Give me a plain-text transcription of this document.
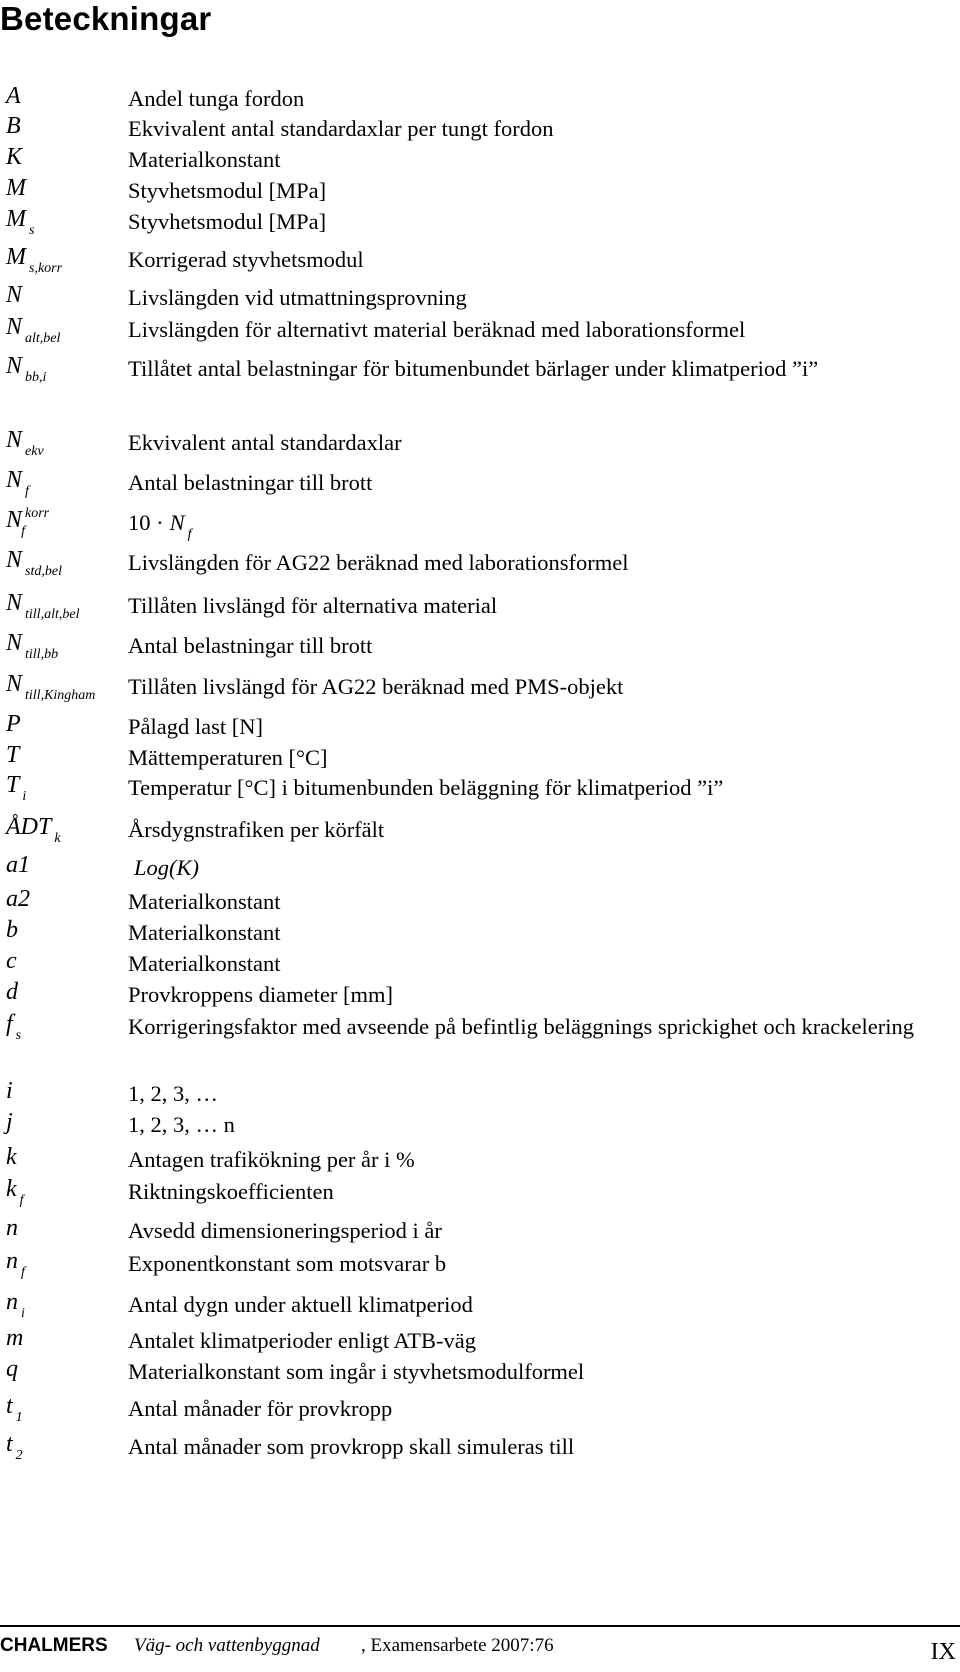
Beteckningar
A	Andel tunga fordon
B	Ekvivalent antal standardaxlar per tungt fordon
K	Materialkonstant
M	Styvhetsmodul [MPa]
M $_s$	Styvhetsmodul [MPa]
M $_{s,korr}$	Korrigerad styvhetsmodul
N	Livslängden vid utmattningsprovning
N $_{alt,bel}$	Livslängden för alternativt material beräknad med laborationsformel
N $_{bb,i}$	Tillåtet antal belastningar för bitumenbundet bärlager under klimatperiod ”i”
N $_{ekv}$	Ekvivalent antal standardaxlar
N $_f$	Antal belastningar till brott
N $^{korr}_f$	10 · N $_f$
N $_{std,bel}$	Livslängden för AG22 beräknad med laborationsformel
N $_{till,alt,bel}$ Tillåten livslängd för alternativa material
N $_{till,bb}$	Antal belastningar till brott
N $_{till,Kingham}$ Tillåten livslängd för AG22 beräknad med PMS-objekt
P	Pålagd last [N]
T	Mättemperaturen [°C]
T $_i$	Temperatur [°C] i bitumenbunden beläggning för klimatperiod ”i”
ÅDT $_k$	Årsdygnstrafiken per körfält
a1	Log(K)
a2	Materialkonstant
b	Materialkonstant
c	Materialkonstant
d	Provkroppens diameter [mm]
f $_s$	Korrigeringsfaktor med avseende på befintlig beläggnings sprickighet och krackelering
i	1, 2, 3, …
j	1, 2, 3, … n
k	Antagen trafikökning per år i %
k $_f$	Riktningskoefficienten
n	Avsedd dimensioneringsperiod i år
n $_f$	Exponentkonstant som motsvarar b
n $_i$	Antal dygn under aktuell klimatperiod
m	Antalet klimatperioder enligt ATB-väg
q	Materialkonstant som ingår i styvhetsmodulformel
t $_1$	Antal månader för provkropp
t $_2$	Antal månader som provkropp skall simuleras till
CHALMERS Väg- och vattenbyggnad , Examensarbete 2007:76	IX
